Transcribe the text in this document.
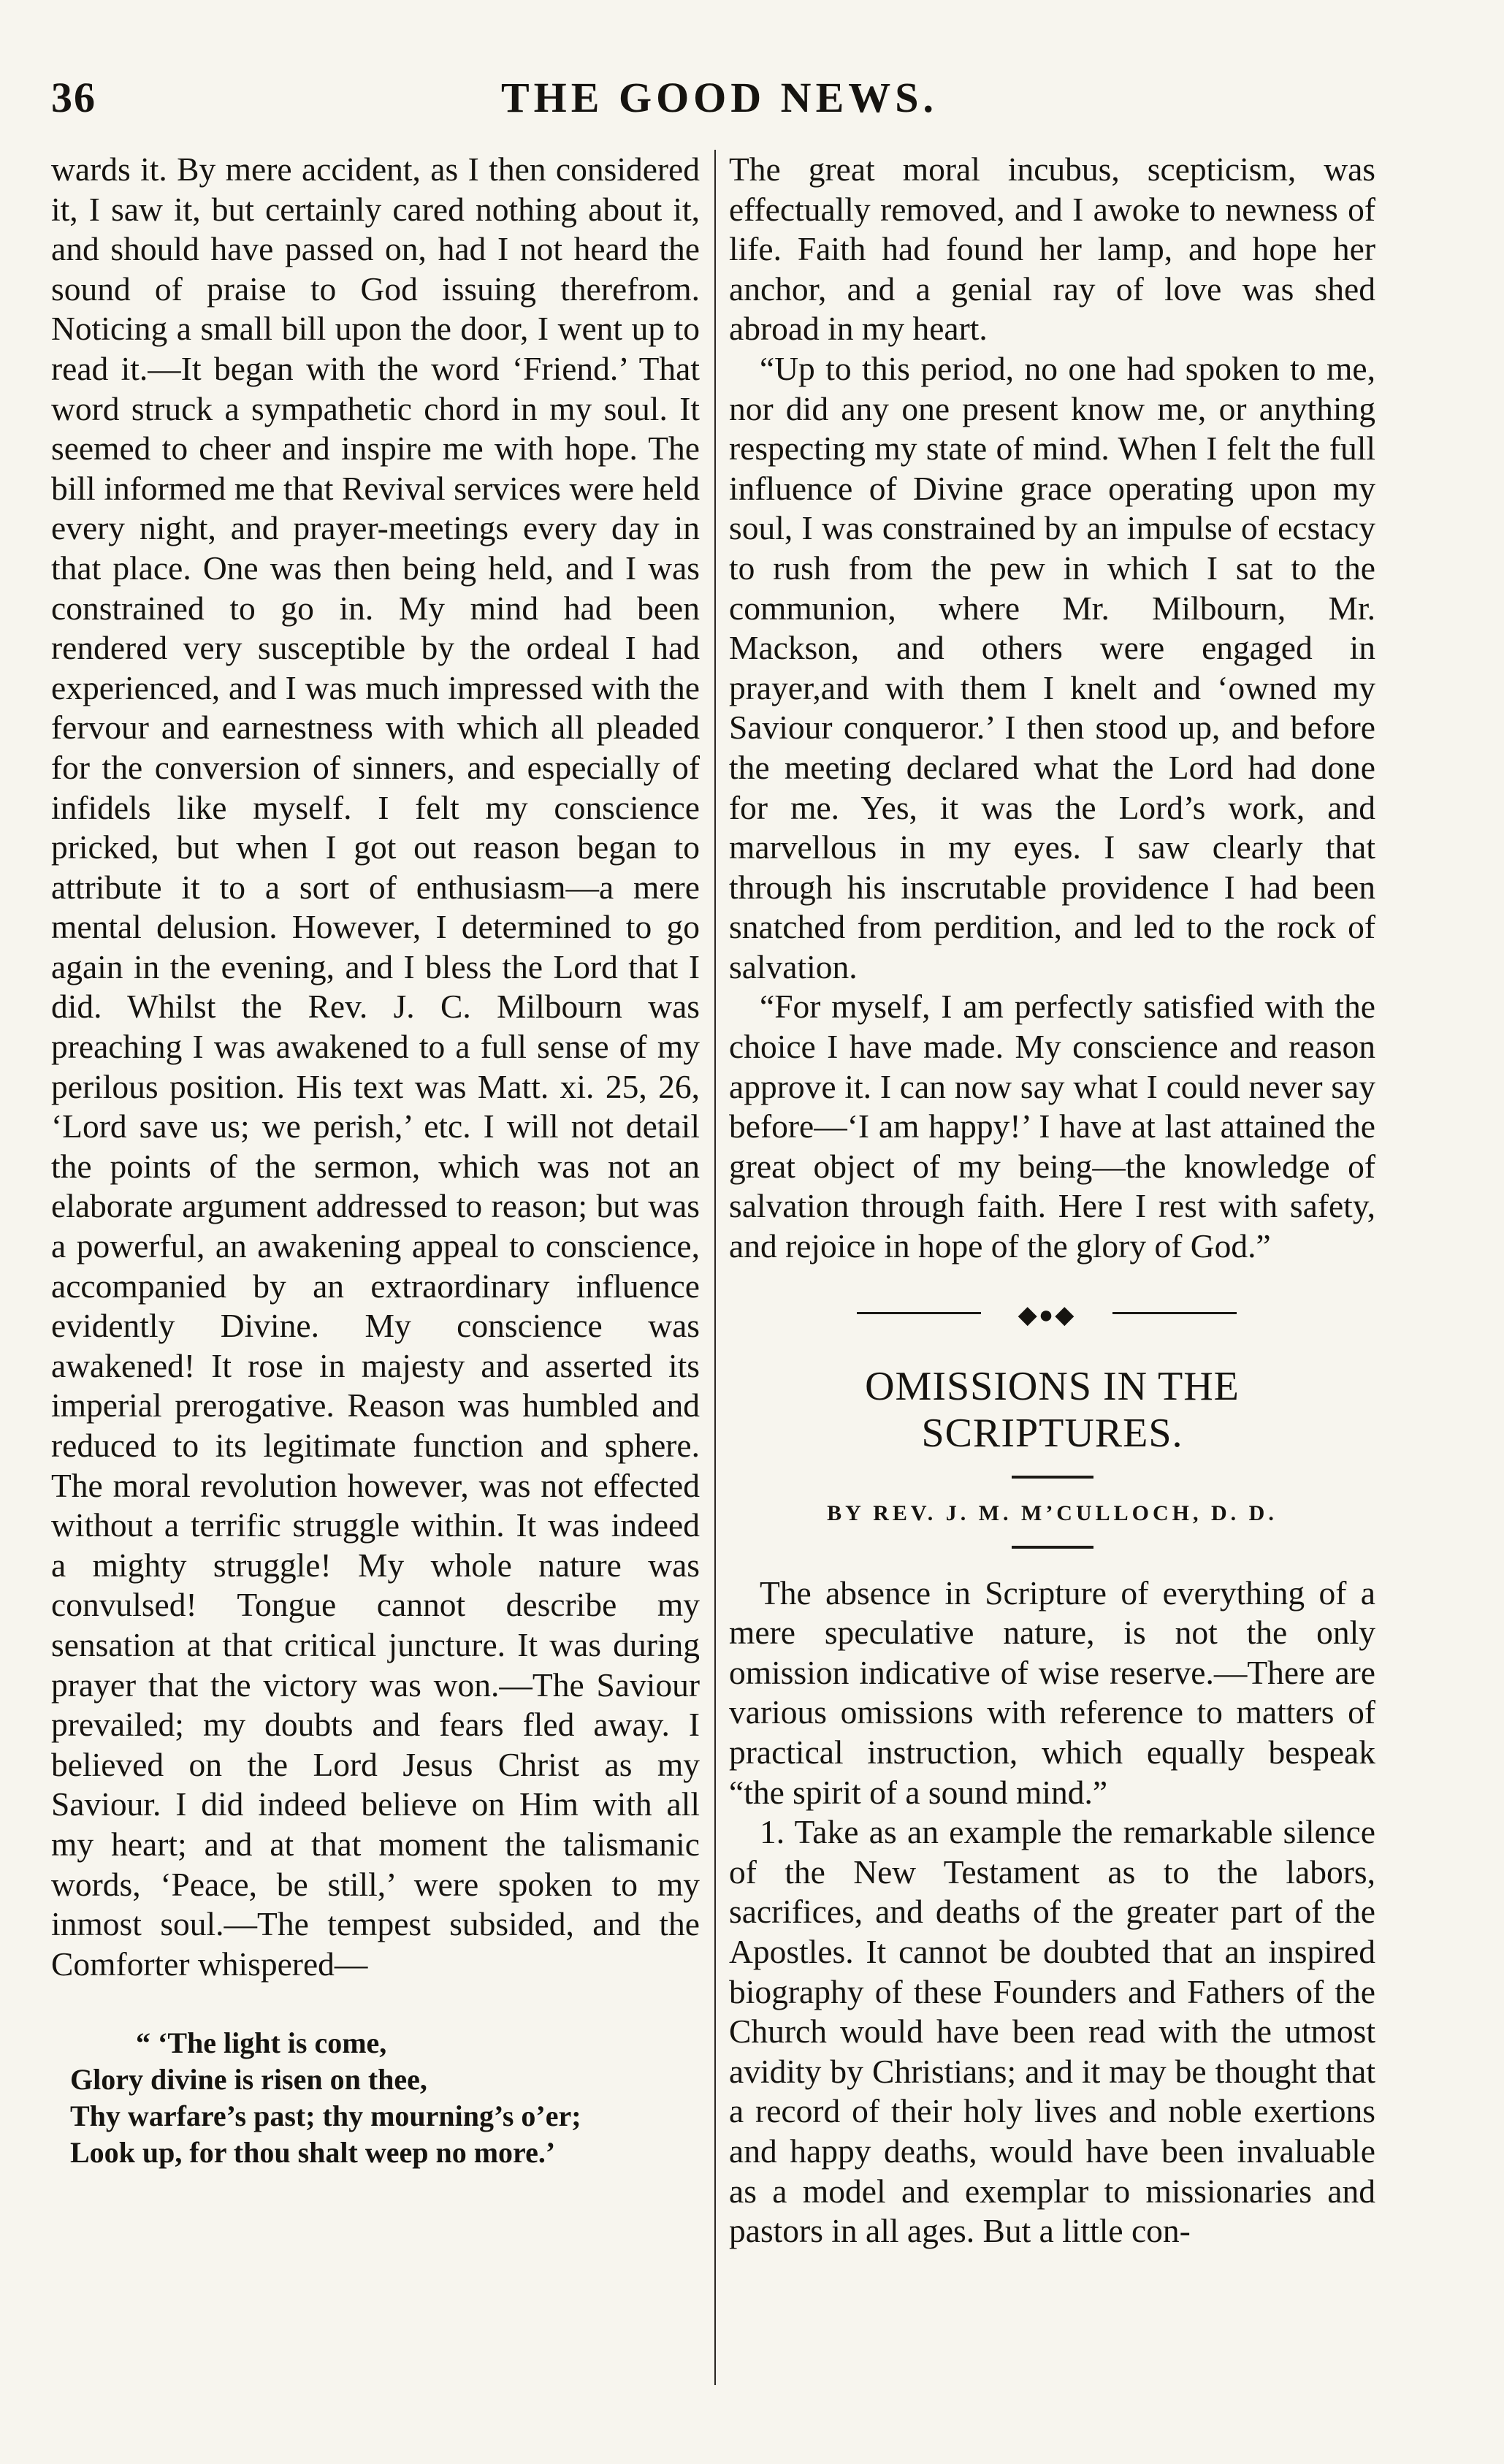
36	THE GOOD NEWS.

wards it. By mere accident, as I then considered it, I saw it, but certainly cared nothing about it, and should have passed on, had I not heard the sound of praise to God issuing therefrom. Noticing a small bill upon the door, I went up to read it.—It began with the word ‘Friend.’ That word struck a sympathetic chord in my soul. It seemed to cheer and inspire me with hope. The bill informed me that Revival services were held every night, and prayer-meetings every day in that place. One was then being held, and I was constrained to go in. My mind had been rendered very susceptible by the ordeal I had experienced, and I was much impressed with the fervour and earnestness with which all pleaded for the conversion of sinners, and especially of infidels like myself. I felt my conscience pricked, but when I got out reason began to attribute it to a sort of enthusiasm—a mere mental delusion. However, I determined to go again in the evening, and I bless the Lord that I did. Whilst the Rev. J. C. Milbourn was preaching I was awakened to a full sense of my perilous position. His text was Matt. xi. 25, 26, ‘Lord save us; we perish,’ etc. I will not detail the points of the sermon, which was not an elaborate argument addressed to reason; but was a powerful, an awakening appeal to conscience, accompanied by an extraordinary influence evidently Divine. My conscience was awakened! It rose in majesty and asserted its imperial prerogative. Reason was humbled and reduced to its legitimate function and sphere. The moral revolution however, was not effected without a terrific struggle within. It was indeed a mighty struggle! My whole nature was convulsed! Tongue cannot describe my sensation at that critical juncture. It was during prayer that the victory was won.—The Saviour prevailed; my doubts and fears fled away. I believed on the Lord Jesus Christ as my Saviour. I did indeed believe on Him with all my heart; and at that moment the talismanic words, ‘Peace, be still,’ were spoken to my inmost soul.—The tempest subsided, and the Comforter whispered—

“ ‘The light is come,
Glory divine is risen on thee,
Thy warfare’s past; thy mourning’s o’er;
Look up, for thou shalt weep no more.’

The great moral incubus, scepticism, was effectually removed, and I awoke to newness of life. Faith had found her lamp, and hope her anchor, and a genial ray of love was shed abroad in my heart.

“Up to this period, no one had spoken to me, nor did any one present know me, or anything respecting my state of mind. When I felt the full influence of Divine grace operating upon my soul, I was constrained by an impulse of ecstacy to rush from the pew in which I sat to the communion, where Mr. Milbourn, Mr. Mackson, and others were engaged in prayer,and with them I knelt and ‘owned my Saviour conqueror.’ I then stood up, and before the meeting declared what the Lord had done for me. Yes, it was the Lord’s work, and marvellous in my eyes. I saw clearly that through his inscrutable providence I had been snatched from perdition, and led to the rock of salvation.

“For myself, I am perfectly satisfied with the choice I have made. My conscience and reason approve it. I can now say what I could never say before—‘I am happy!’ I have at last attained the great object of my being—the knowledge of salvation through faith. Here I rest with safety, and rejoice in hope of the glory of God.”

◆●◆
OMISSIONS IN THE SCRIPTURES.
BY REV. J. M. M’CULLOCH, D. D.

The absence in Scripture of everything of a mere speculative nature, is not the only omission indicative of wise reserve.—There are various omissions with reference to matters of practical instruction, which equally bespeak “the spirit of a sound mind.”

1. Take as an example the remarkable silence of the New Testament as to the labors, sacrifices, and deaths of the greater part of the Apostles. It cannot be doubted that an inspired biography of these Founders and Fathers of the Church would have been read with the utmost avidity by Christians; and it may be thought that a record of their holy lives and noble exertions and happy deaths, would have been invaluable as a model and exemplar to missionaries and pastors in all ages. But a little con-
